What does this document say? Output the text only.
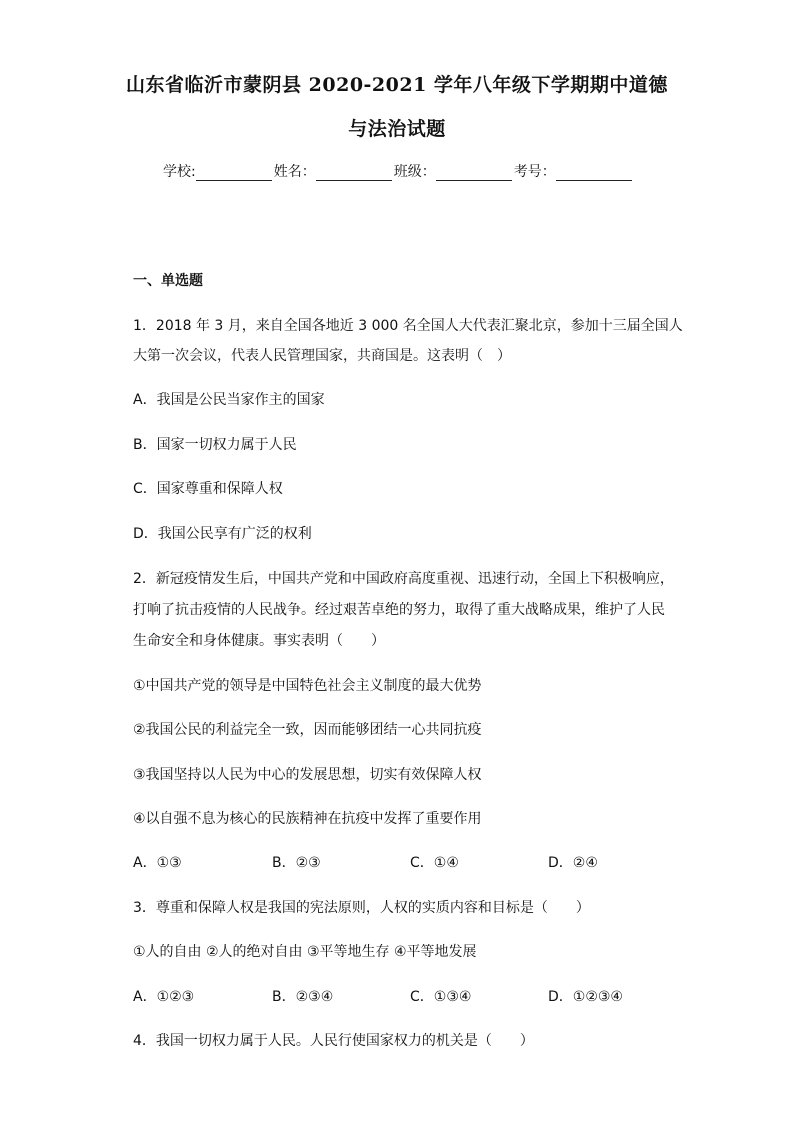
山东省临沂市蒙阴县 2020-2021 学年八年级下学期期中道德
与法治试题
学校:	姓名：	班级：	考号：
一、单选题
1．2018 年 3 月，来自全国各地近 3 000 名全国人大代表汇聚北京，参加十三届全国人
大第一次会议，代表人民管理国家，共商国是。这表明（　）
A．我国是公民当家作主的国家
B．国家一切权力属于人民
C．国家尊重和保障人权
D．我国公民享有广泛的权利
2．新冠疫情发生后，中国共产党和中国政府高度重视、迅速行动，全国上下积极响应，
打响了抗击疫情的人民战争。经过艰苦卓绝的努力，取得了重大战略成果，维护了人民
生命安全和身体健康。事实表明（　　）
①中国共产党的领导是中国特色社会主义制度的最大优势
②我国公民的利益完全一致，因而能够团结一心共同抗疫
③我国坚持以人民为中心的发展思想，切实有效保障人权
④以自强不息为核心的民族精神在抗疫中发挥了重要作用
A．①③	B．②③	C．①④	D．②④
3．尊重和保障人权是我国的宪法原则，人权的实质内容和目标是（　　）
①人的自由 ②人的绝对自由 ③平等地生存 ④平等地发展
A．①②③	B．②③④	C．①③④	D．①②③④
4．我国一切权力属于人民。人民行使国家权力的机关是（　　）
